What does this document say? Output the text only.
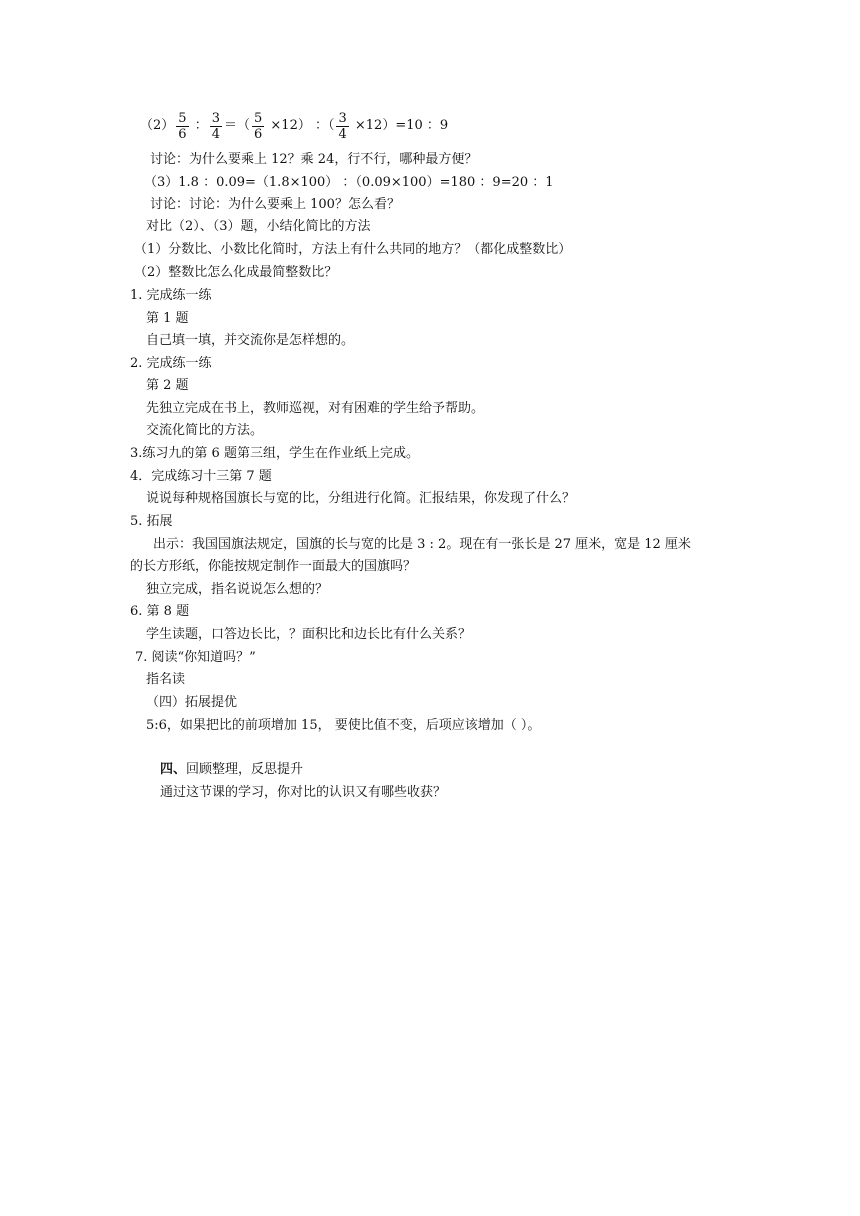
$(2) \frac{5}{6}$ ： $\frac{3}{4}$ ＝（ $\frac{5}{6} \times 12$） ：（ $\frac{3}{4} \times 12)=10$ ：9
讨论：为什么要乘上 12？乘 24，行不行，哪种最方便？
（3）1.8 ：0.09=（1.8×100） ：（0.09×100）=180 ：9=20 ：1
讨论：讨论：为什么要乘上 100？怎么看？
对比（2）、（3）题，小结化简比的方法
（1）分数比、小数比化简时，方法上有什么共同的地方？（都化成整数比）
（2）整数比怎么化成最简整数比？
1. 完成练一练
第 1 题
自己填一填，并交流你是怎样想的。
2. 完成练一练
第 2 题
先独立完成在书上，教师巡视，对有困难的学生给予帮助。
交流化简比的方法。
3.练习九的第 6 题第三组，学生在作业纸上完成。
4．完成练习十三第 7 题
说说每种规格国旗长与宽的比，分组进行化简。汇报结果，你发现了什么？
5. 拓展
出示：我国国旗法规定，国旗的长与宽的比是 3 : 2。现在有一张长是 27 厘米，宽是 12 厘米
的长方形纸，你能按规定制作一面最大的国旗吗？
独立完成，指名说说怎么想的？
6. 第 8 题
学生读题，口答边长比，？面积比和边长比有什么关系？
7. 阅读“你知道吗？”
指名读
（四）拓展提优
5:6，如果把比的前项增加 15， 要使比值不变，后项应该增加（ ）。
四、回顾整理，反思提升
通过这节课的学习，你对比的认识又有哪些收获？
